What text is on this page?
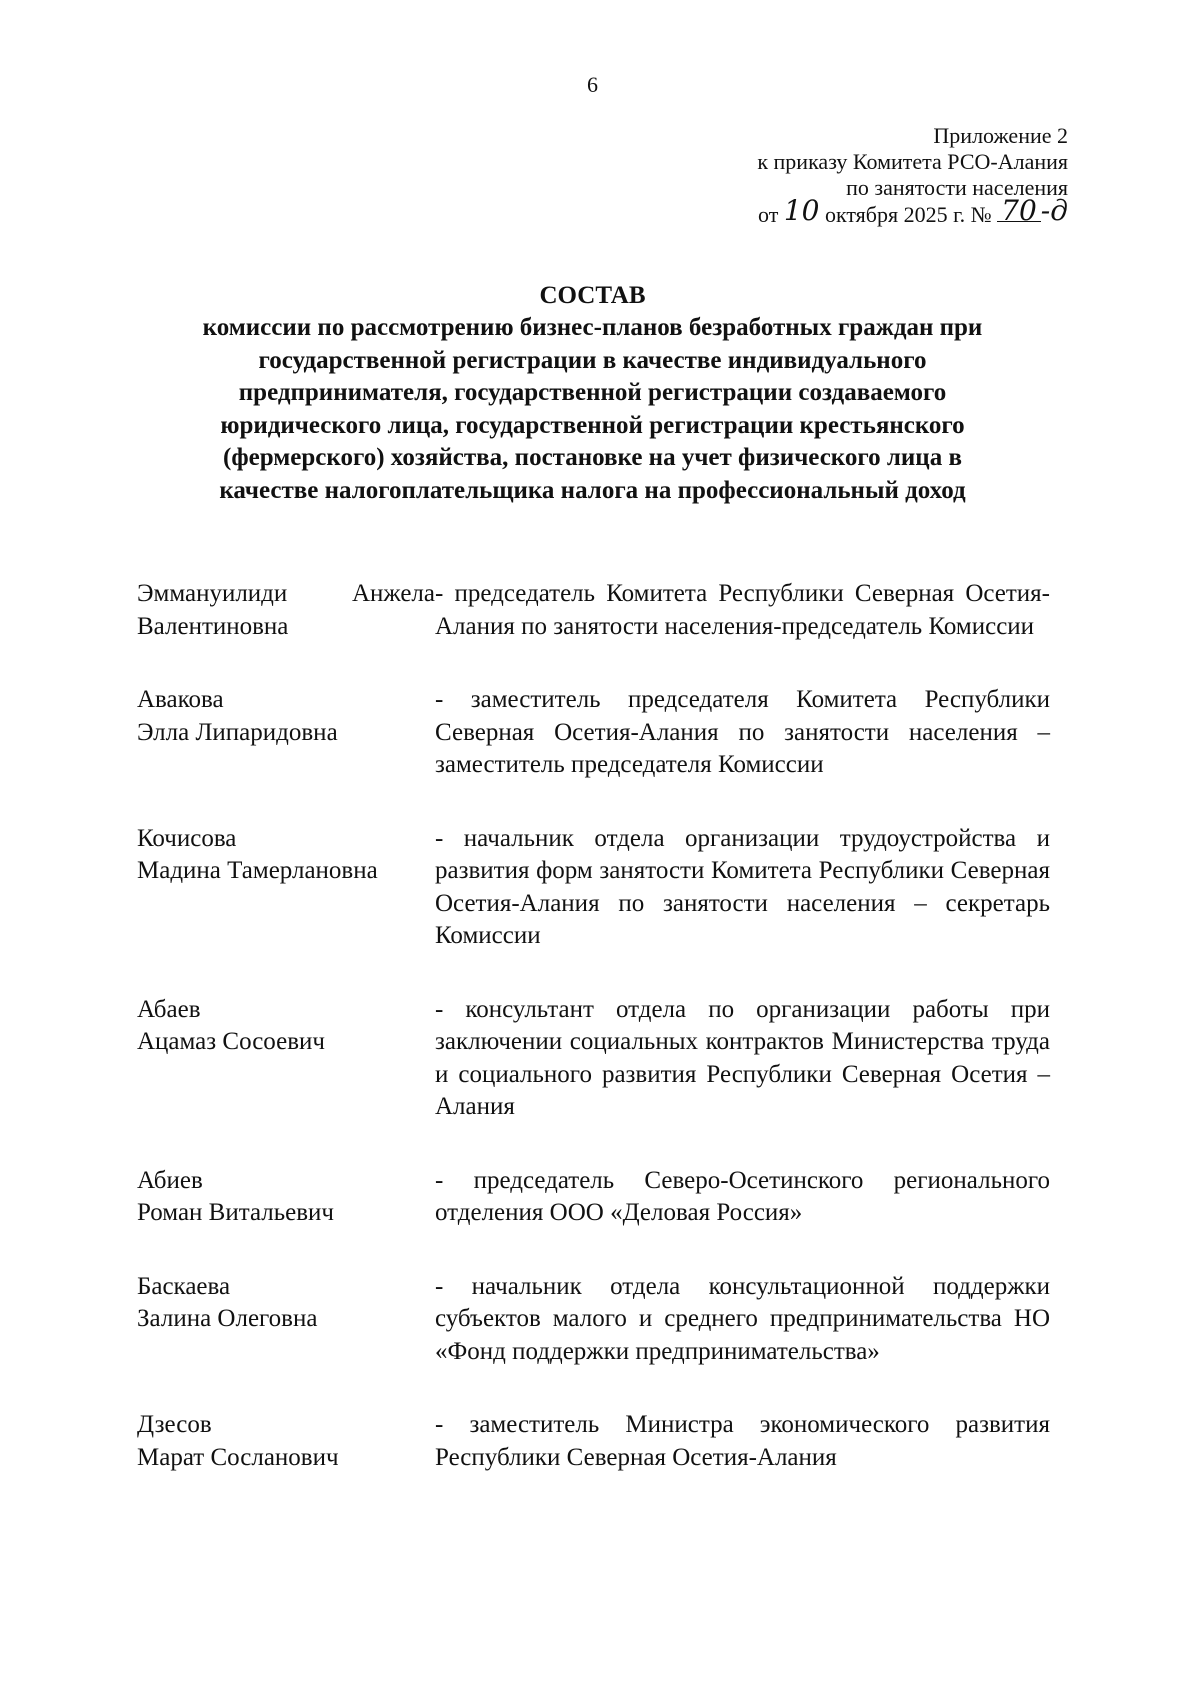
6
Приложение 2
к приказу Комитета РСО-Алания
по занятости населения
от 10 октября 2025 г. № 70 -д
СОСТАВ
комиссии по рассмотрению бизнес-планов безработных граждан при
государственной регистрации в качестве индивидуального
предпринимателя, государственной регистрации создаваемого
юридического лица, государственной регистрации крестьянского
(фермерского) хозяйства, постановке на учет физического лица в
качестве налогоплательщика налога на профессиональный доход
Эммануилиди Анжела
Валентиновна
- председатель Комитета Республики Северная Осетия-Алания по занятости населения-председатель Комиссии
Авакова
Элла Липаридовна
- заместитель председателя Комитета Республики Северная Осетия-Алания по занятости населения – заместитель председателя Комиссии
Кочисова
Мадина Тамерлановна
- начальник отдела организации трудоустройства и развития форм занятости Комитета Республики Северная Осетия-Алания по занятости населения – секретарь Комиссии
Абаев
Ацамаз Сосоевич
- консультант отдела по организации работы при заключении социальных контрактов Министерства труда и социального развития Республики Северная Осетия – Алания
Абиев
Роман Витальевич
- председатель Северо-Осетинского регионального отделения ООО «Деловая Россия»
Баскаева
Залина Олеговна
- начальник отдела консультационной поддержки субъектов малого и среднего предпринимательства НО «Фонд поддержки предпринимательства»
Дзесов
Марат Сосланович
- заместитель Министра экономического развития Республики Северная Осетия-Алания
